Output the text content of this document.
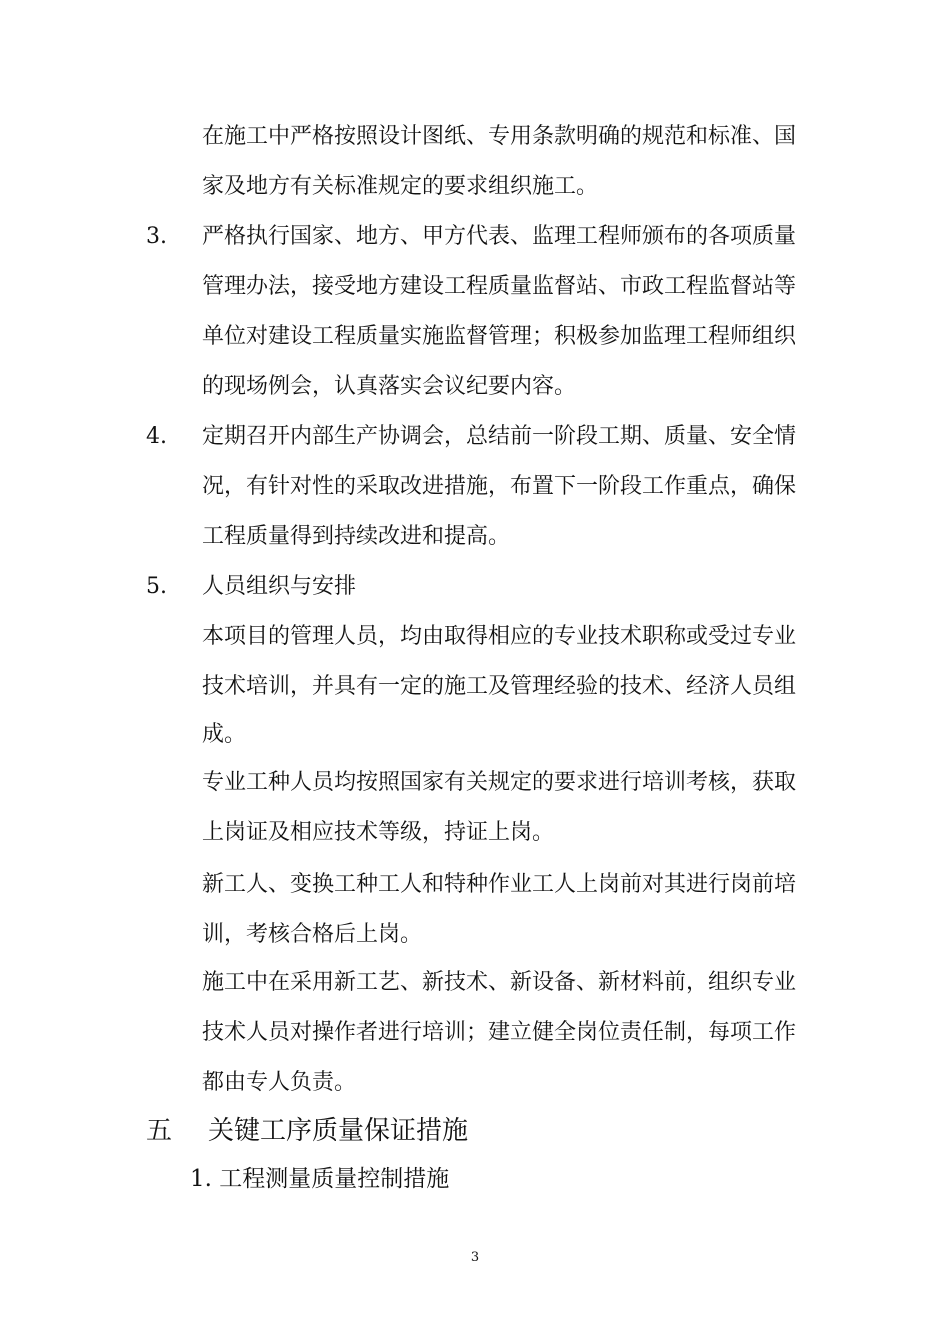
在施工中严格按照设计图纸、专用条款明确的规范和标准、国
家及地方有关标准规定的要求组织施工。
3. 严格执行国家、地方、甲方代表、监理工程师颁布的各项质量
管理办法，接受地方建设工程质量监督站、市政工程监督站等
单位对建设工程质量实施监督管理；积极参加监理工程师组织
的现场例会，认真落实会议纪要内容。
4. 定期召开内部生产协调会，总结前一阶段工期、质量、安全情
况，有针对性的采取改进措施，布置下一阶段工作重点，确保
工程质量得到持续改进和提高。
5. 人员组织与安排
本项目的管理人员，均由取得相应的专业技术职称或受过专业
技术培训，并具有一定的施工及管理经验的技术、经济人员组
成。
专业工种人员均按照国家有关规定的要求进行培训考核，获取
上岗证及相应技术等级，持证上岗。
新工人、变换工种工人和特种作业工人上岗前对其进行岗前培
训，考核合格后上岗。
施工中在采用新工艺、新技术、新设备、新材料前，组织专业
技术人员对操作者进行培训；建立健全岗位责任制，每项工作
都由专人负责。
五 关键工序质量保证措施
1. 工程测量质量控制措施
3
